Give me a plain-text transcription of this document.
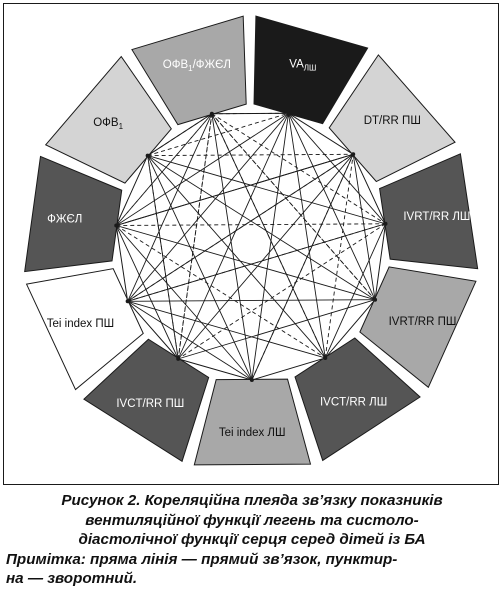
$VA_{ЛШ}$
DT/RR ПШ
IVRT/RR ЛШ
IVRT/RR ПШ
IVCT/RR ЛШ
Tei index ЛШ
IVCT/RR ПШ
Tei index ПШ
ФЖЄЛ
$ОФВ_1$
$ОФВ_1$/ФЖЄЛ
Рисунок 2. Кореляційна плеяда зв’язку показників
вентиляційної функції легень та систоло-
діастолічної функції серця серед дітей із БА
Примітка: пряма лінія — прямий зв’язок, пунктир-
на — зворотний.
